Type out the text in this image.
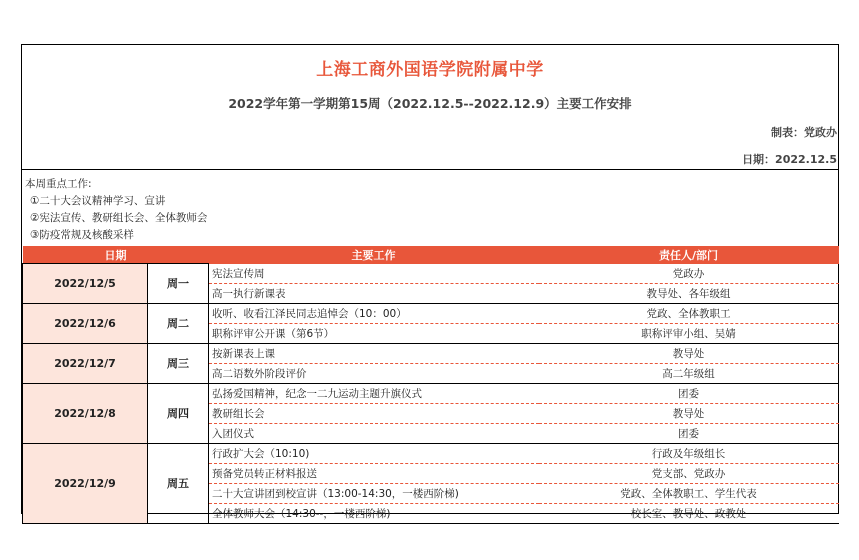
上海工商外国语学院附属中学
2022学年第一学期第15周（2022.12.5--2022.12.9）主要工作安排
制表：党政办
日期：2022.12.5
本周重点工作:
①二十大会议精神学习、宣讲
②宪法宣传、教研组长会、全体教师会
③防疫常规及核酸采样
日期		主要工作	责任人/部门
2022/12/5	周一	宪法宣传周	党政办
		高一执行新课表	教导处、各年级组
2022/12/6	周二	收听、收看江泽民同志追悼会（10：00）	党政、全体教职工
		职称评审公开课（第6节）	职称评审小组、吴婧
2022/12/7	周三	按新课表上课	教导处
		高二语数外阶段评价	高二年级组
2022/12/8	周四	弘扬爱国精神，纪念一二九运动主题升旗仪式	团委
		教研组长会	教导处
		入团仪式	团委
2022/12/9	周五	行政扩大会（10:10)	行政及年级组长
		预备党员转正材料报送	党支部、党政办
		二十大宣讲团到校宣讲（13:00-14:30，一楼西阶梯)	党政、全体教职工、学生代表
		全体教师大会（14:30--，一楼西阶梯)	校长室、教导处、政教处
